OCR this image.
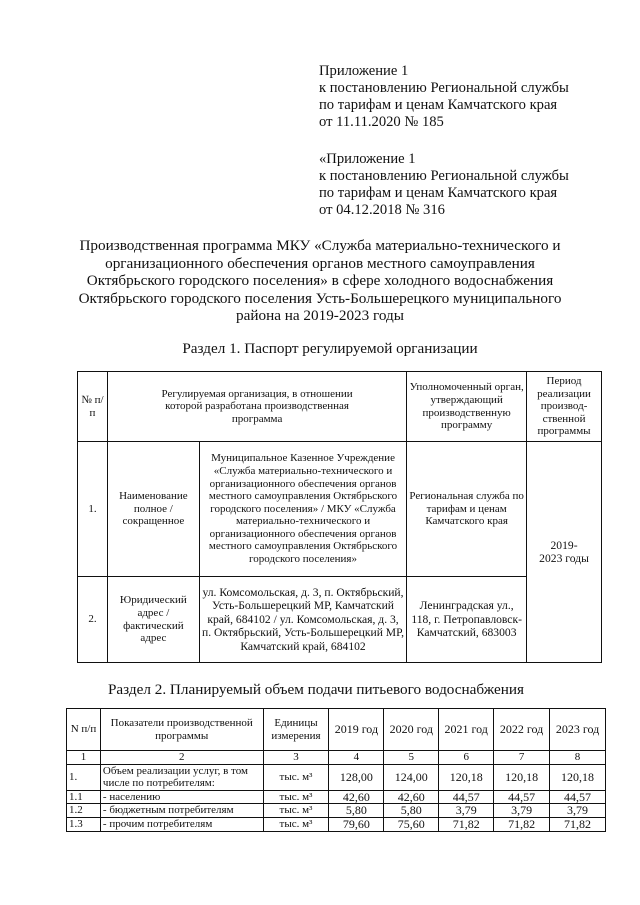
Приложение 1
к постановлению Региональной службы
по тарифам и ценам Камчатского края
от 11.11.2020 № 185
«Приложение 1
к постановлению Региональной службы
по тарифам и ценам Камчатского края
от 04.12.2018 № 316
Производственная программа МКУ «Служба материально-технического и
организационного обеспечения органов местного самоуправления
Октябрьского городского поселения» в сфере холодного водоснабжения
Октябрьского городского поселения Усть-Большерецкого муниципального
района на 2019-2023 годы
Раздел 1. Паспорт регулируемой организации
№ п/п	Регулируемая организация, в отношении которой разработана производственная программа		Уполномоченный орган, утверждающий производственную программу	Период реализации производ-ственной программы
1.	Наименование полное / сокращенное	Муниципальное Казенное Учреждение «Служба материально-технического и организационного обеспечения органов местного самоуправления Октябрьского городского поселения» / МКУ «Служба материально-технического и организационного обеспечения органов местного самоуправления Октябрьского городского поселения»	Региональная служба по тарифам и ценам Камчатского края	2019-2023 годы
2.	Юридический адрес / фактический адрес	ул. Комсомольская, д. 3, п. Октябрьский, Усть-Большерецкий МР, Камчатский край, 684102 / ул. Комсомольская, д. 3, п. Октябрьский, Усть-Большерецкий МР, Камчатский край, 684102	Ленинградская ул., 118, г. Петропавловск-Камчатский, 683003	
Раздел 2. Планируемый объем подачи питьевого водоснабжения
N п/п	Показатели производственной программы	Единицы измерения	2019 год	2020 год	2021 год	2022 год	2023 год
1	2	3	4	5	6	7	8
1.	Объем реализации услуг, в том числе по потребителям:	тыс. м³	128,00	124,00	120,18	120,18	120,18
1.1	- населению	тыс. м³	42,60	42,60	44,57	44,57	44,57
1.2	- бюджетным потребителям	тыс. м³	5,80	5,80	3,79	3,79	3,79
1.3	- прочим потребителям	тыс. м³	79,60	75,60	71,82	71,82	71,82
